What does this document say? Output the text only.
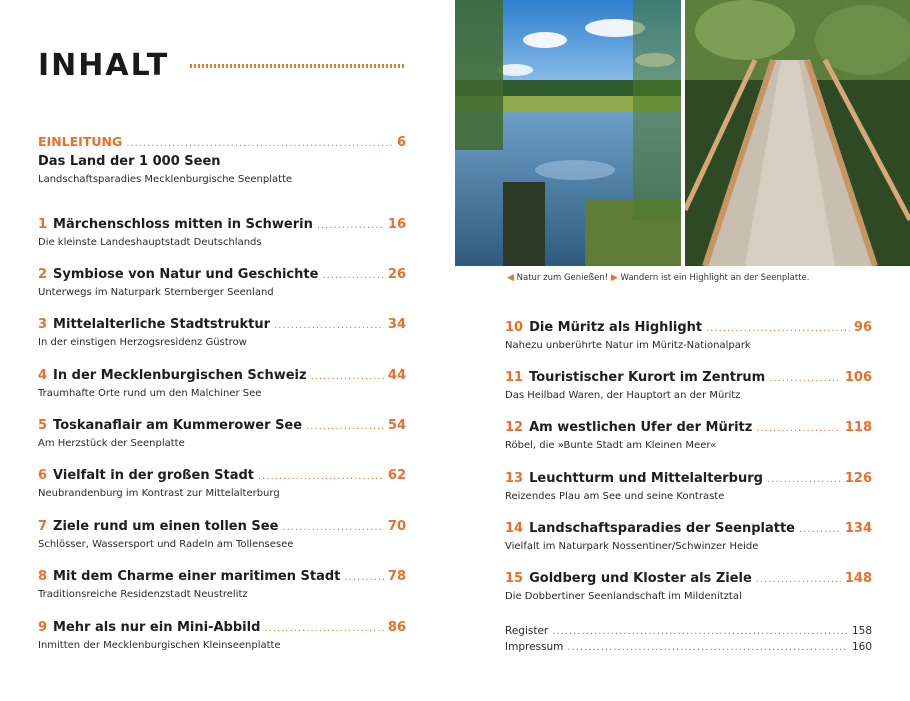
INHALT
EINLEITUNG .....	6
Das Land der 1 000 Seen
Landschaftsparadies Mecklenburgische Seenplatte
1 Märchenschloss mitten in Schwerin .....	16
Die kleinste Landeshauptstadt Deutschlands
2 Symbiose von Natur und Geschichte .....	26
Unterwegs im Naturpark Sternberger Seenland
3 Mittelalterliche Stadtstruktur .....	34
In der einstigen Herzogsresidenz Güstrow
4 In der Mecklenburgischen Schweiz .....	44
Traumhafte Orte rund um den Malchiner See
5 Toskanaflair am Kummerower See .....	54
Am Herzstück der Seenplatte
6 Vielfalt in der großen Stadt .....	62
Neubrandenburg im Kontrast zur Mittelalterburg
7 Ziele rund um einen tollen See .....	70
Schlösser, Wassersport und Radeln am Tollensesee
8 Mit dem Charme einer maritimen Stadt .....	78
Traditionsreiche Residenzstadt Neustrelitz
9 Mehr als nur ein Mini-Abbild .....	86
Inmitten der Mecklenburgischen Kleinseenplatte
◀ Natur zum Genießen! ▶ Wandern ist ein Highlight an der Seenplatte.
10 Die Müritz als Highlight .....	96
Nahezu unberührte Natur im Müritz-Nationalpark
11 Touristischer Kurort im Zentrum .....	106
Das Heilbad Waren, der Hauptort an der Müritz
12 Am westlichen Ufer der Müritz .....	118
Röbel, die »Bunte Stadt am Kleinen Meer«
13 Leuchtturm und Mittelalterburg .....	126
Reizendes Plau am See und seine Kontraste
14 Landschaftsparadies der Seenplatte .....	134
Vielfalt im Naturpark Nossentiner/Schwinzer Heide
15 Goldberg und Kloster als Ziele .....	148
Die Dobbertiner Seenlandschaft im Mildenitztal
Register .....	158
Impressum .....	160
